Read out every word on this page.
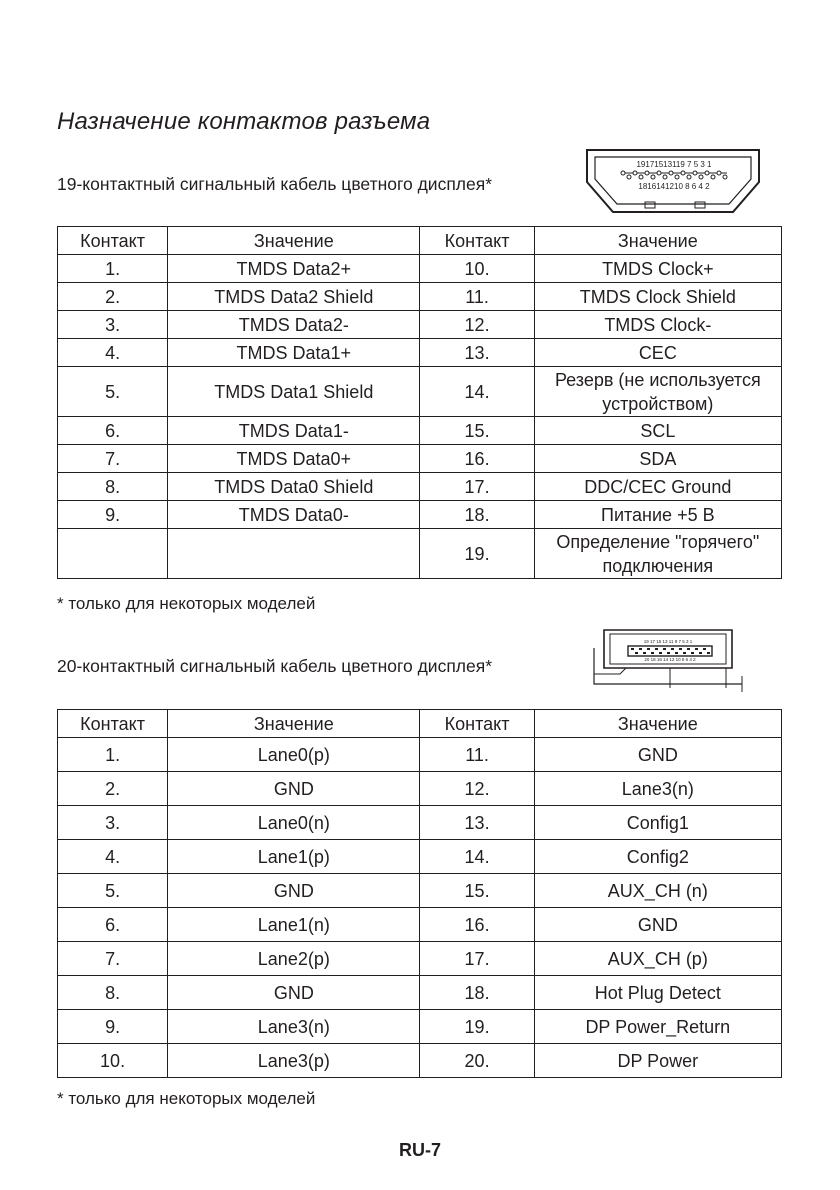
Назначение контактов разъема
19-контактный сигнальный кабель цветного дисплея*
19171513119 7 5 3 1
1816141210 8 6 4 2
Контакт	Значение	Контакт	Значение
1.	TMDS Data2+	10.	TMDS Clock+
2.	TMDS Data2 Shield	11.	TMDS Clock Shield
3.	TMDS Data2-	12.	TMDS Clock-
4.	TMDS Data1+	13.	CEC
5.	TMDS Data1 Shield	14.	Резерв (не используется устройством)
6.	TMDS Data1-	15.	SCL
7.	TMDS Data0+	16.	SDA
8.	TMDS Data0 Shield	17.	DDC/CEC Ground
9.	TMDS Data0-	18.	Питание +5 В
		19.	Определение "горячего" подключения
* только для некоторых моделей
20-контактный сигнальный кабель цветного дисплея*
19 17 15 13 11 9 7 5 3 1
20 18 16 14 12 10 8 6 4 2
Контакт	Значение	Контакт	Значение
1.	Lane0(p)	11.	GND
2.	GND	12.	Lane3(n)
3.	Lane0(n)	13.	Config1
4.	Lane1(p)	14.	Config2
5.	GND	15.	AUX_CH (n)
6.	Lane1(n)	16.	GND
7.	Lane2(p)	17.	AUX_CH (p)
8.	GND	18.	Hot Plug Detect
9.	Lane3(n)	19.	DP Power_Return
10.	Lane3(p)	20.	DP Power
* только для некоторых моделей
RU-7
